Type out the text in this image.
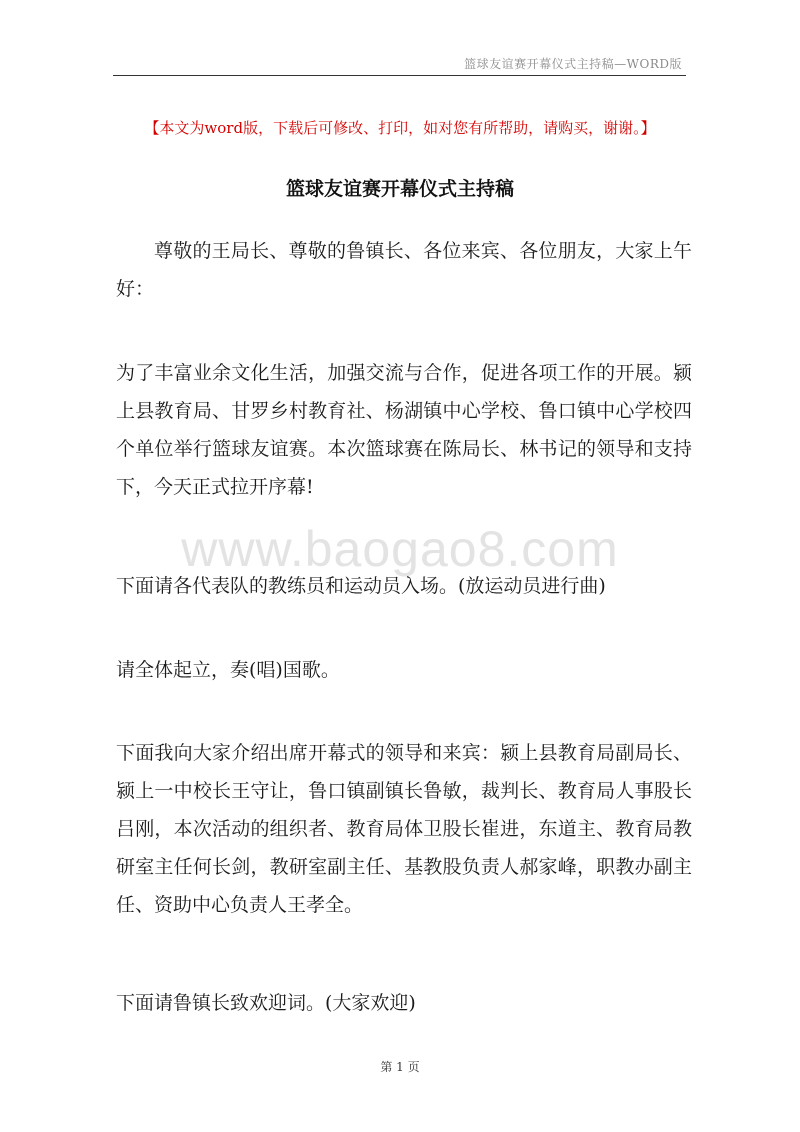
篮球友谊赛开幕仪式主持稿—WORD版
【本文为word版，下载后可修改、打印，如对您有所帮助，请购买，谢谢。】
篮球友谊赛开幕仪式主持稿

尊敬的王局长、尊敬的鲁镇长、各位来宾、各位朋友，大家上午好：

为了丰富业余文化生活，加强交流与合作，促进各项工作的开展。颍上县教育局、甘罗乡村教育社、杨湖镇中心学校、鲁口镇中心学校四个单位举行篮球友谊赛。本次篮球赛在陈局长、林书记的领导和支持下，今天正式拉开序幕!

www.baogao8.com

下面请各代表队的教练员和运动员入场。(放运动员进行曲)

请全体起立，奏(唱)国歌。

下面我向大家介绍出席开幕式的领导和来宾：颍上县教育局副局长、颍上一中校长王守让，鲁口镇副镇长鲁敏，裁判长、教育局人事股长吕刚，本次活动的组织者、教育局体卫股长崔进，东道主、教育局教研室主任何长剑，教研室副主任、基教股负责人郝家峰，职教办副主任、资助中心负责人王孝全。

下面请鲁镇长致欢迎词。(大家欢迎)

第 1 页
